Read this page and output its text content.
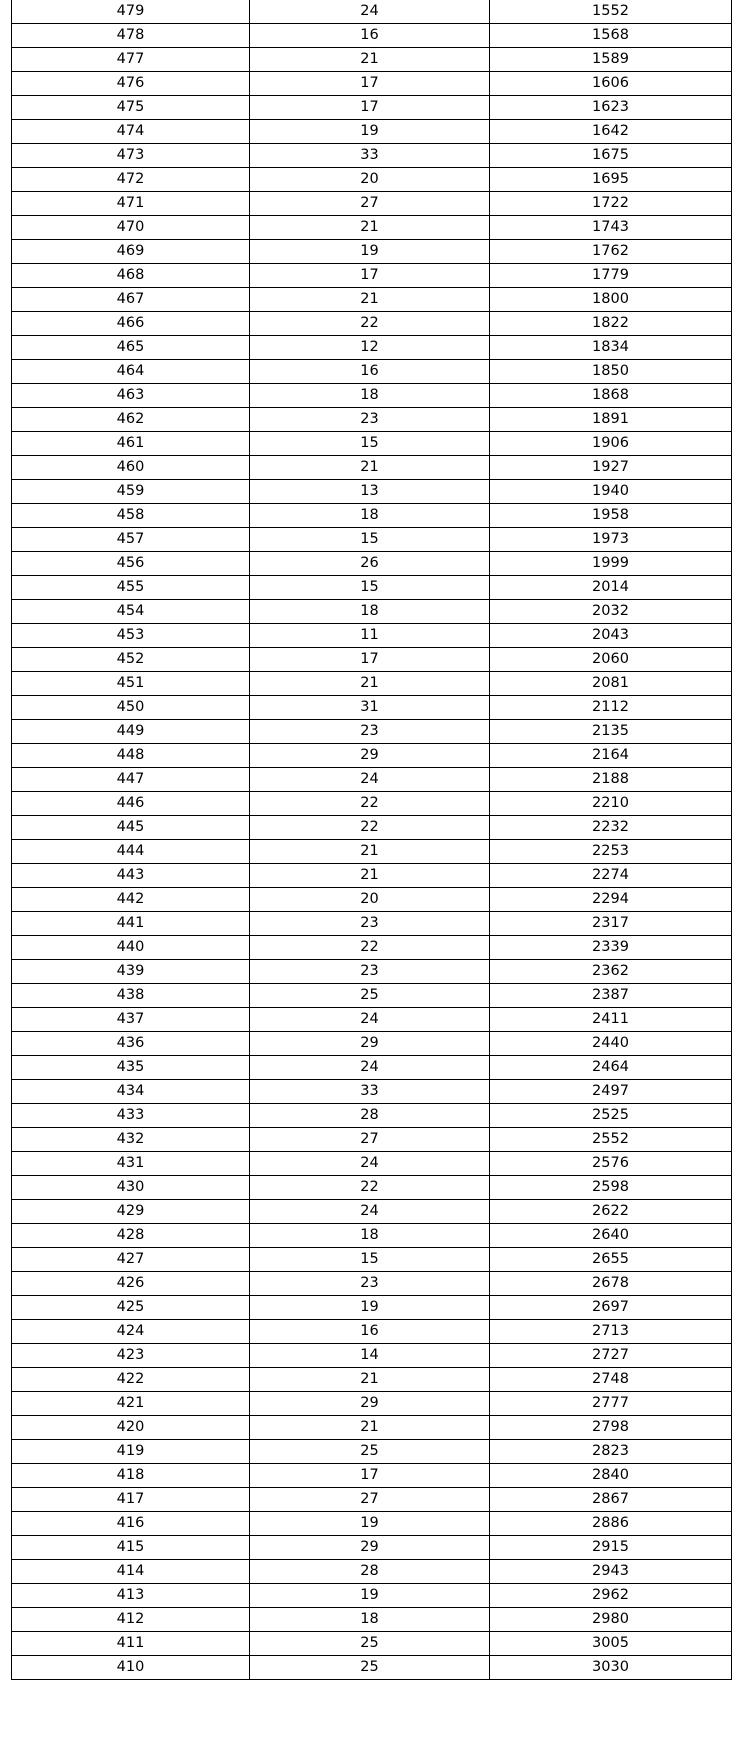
479	24	1552
478	16	1568
477	21	1589
476	17	1606
475	17	1623
474	19	1642
473	33	1675
472	20	1695
471	27	1722
470	21	1743
469	19	1762
468	17	1779
467	21	1800
466	22	1822
465	12	1834
464	16	1850
463	18	1868
462	23	1891
461	15	1906
460	21	1927
459	13	1940
458	18	1958
457	15	1973
456	26	1999
455	15	2014
454	18	2032
453	11	2043
452	17	2060
451	21	2081
450	31	2112
449	23	2135
448	29	2164
447	24	2188
446	22	2210
445	22	2232
444	21	2253
443	21	2274
442	20	2294
441	23	2317
440	22	2339
439	23	2362
438	25	2387
437	24	2411
436	29	2440
435	24	2464
434	33	2497
433	28	2525
432	27	2552
431	24	2576
430	22	2598
429	24	2622
428	18	2640
427	15	2655
426	23	2678
425	19	2697
424	16	2713
423	14	2727
422	21	2748
421	29	2777
420	21	2798
419	25	2823
418	17	2840
417	27	2867
416	19	2886
415	29	2915
414	28	2943
413	19	2962
412	18	2980
411	25	3005
410	25	3030
